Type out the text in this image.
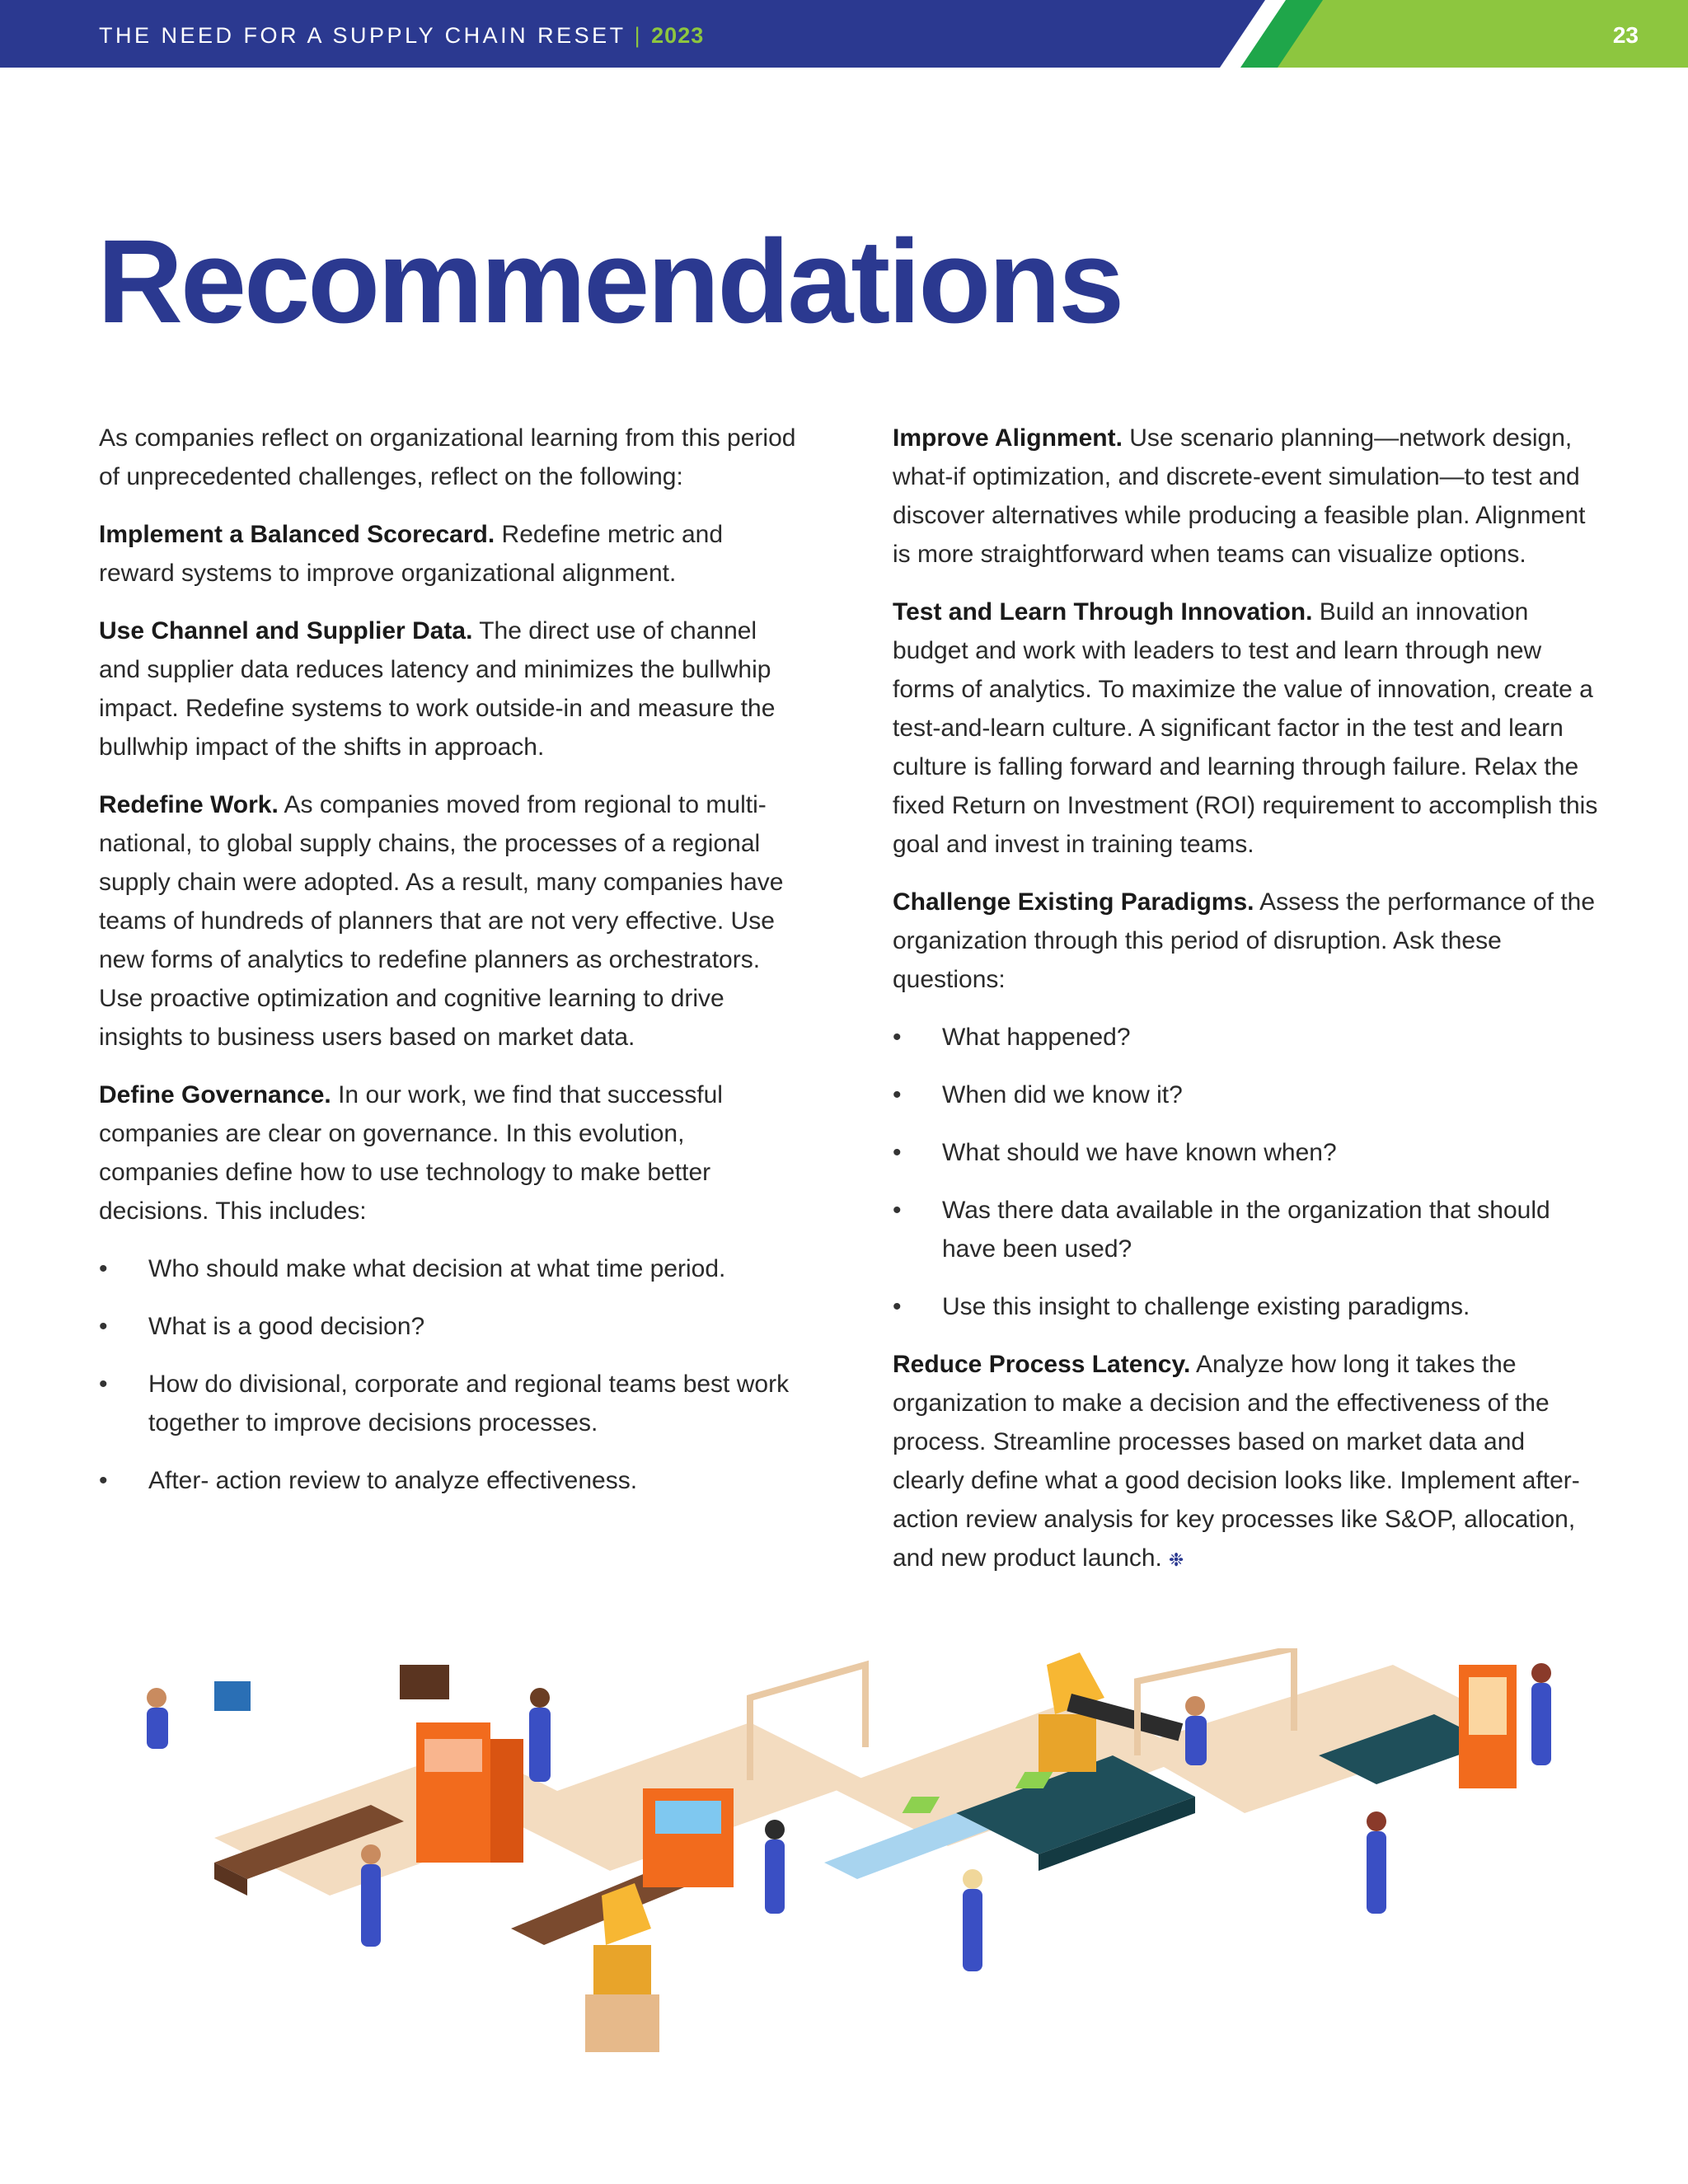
THE NEED FOR A SUPPLY CHAIN RESET | 2023	23
Recommendations

As companies reflect on organizational learning from this period of unprecedented challenges, reflect on the following:

Implement a Balanced Scorecard. Redefine metric and reward systems to improve organizational alignment.

Use Channel and Supplier Data. The direct use of channel and supplier data reduces latency and minimizes the bullwhip impact. Redefine systems to work outside-in and measure the bullwhip impact of the shifts in approach.

Redefine Work. As companies moved from regional to multi-national, to global supply chains, the processes of a regional supply chain were adopted. As a result, many companies have teams of hundreds of planners that are not very effective. Use new forms of analytics to redefine planners as orchestrators. Use proactive optimization and cognitive learning to drive insights to business users based on market data.

Define Governance. In our work, we find that successful companies are clear on governance. In this evolution, companies define how to use technology to make better decisions. This includes:

• Who should make what decision at what time period.
• What is a good decision?
• How do divisional, corporate and regional teams best work together to improve decisions processes.
• After- action review to analyze effectiveness.

Improve Alignment. Use scenario planning—network design, what-if optimization, and discrete-event simulation—to test and discover alternatives while producing a feasible plan. Alignment is more straightforward when teams can visualize options.

Test and Learn Through Innovation. Build an innovation budget and work with leaders to test and learn through new forms of analytics. To maximize the value of innovation, create a test-and-learn culture. A significant factor in the test and learn culture is falling forward and learning through failure. Relax the fixed Return on Investment (ROI) requirement to accomplish this goal and invest in training teams.

Challenge Existing Paradigms. Assess the performance of the organization through this period of disruption. Ask these questions:

• What happened?
• When did we know it?
• What should we have known when?
• Was there data available in the organization that should have been used?
• Use this insight to challenge existing paradigms.

Reduce Process Latency. Analyze how long it takes the organization to make a decision and the effectiveness of the process. Streamline processes based on market data and clearly define what a good decision looks like. Implement after-action review analysis for key processes like S&OP, allocation, and new product launch. ❉
